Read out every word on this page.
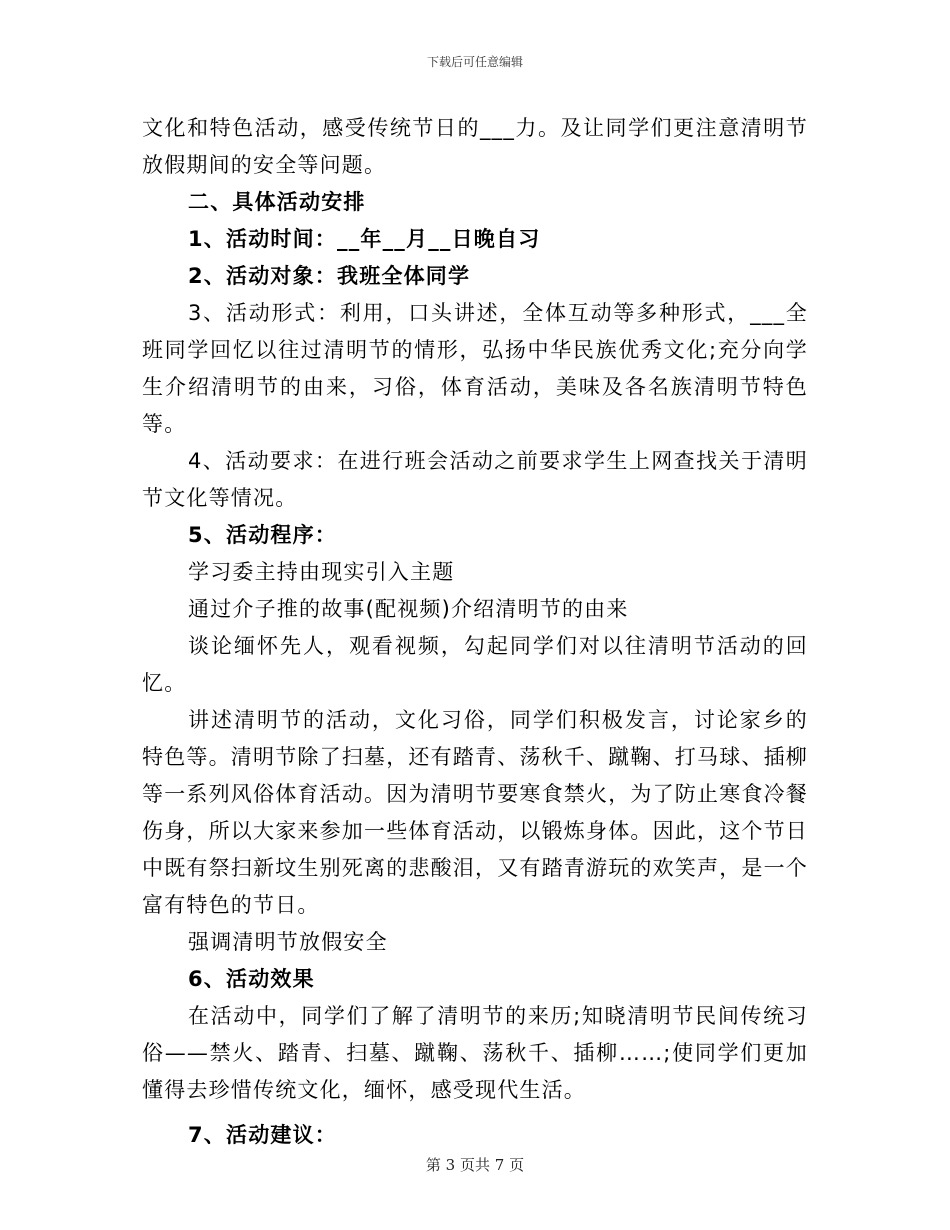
下载后可任意编辑

文化和特色活动，感受传统节日的___力。及让同学们更注意清明节放假期间的安全等问题。

二、具体活动安排

1、活动时间：__年__月__日晚自习

2、活动对象：我班全体同学

3、活动形式：利用，口头讲述，全体互动等多种形式，___全班同学回忆以往过清明节的情形，弘扬中华民族优秀文化;充分向学生介绍清明节的由来，习俗，体育活动，美味及各名族清明节特色等。

4、活动要求：在进行班会活动之前要求学生上网查找关于清明节文化等情况。

5、活动程序：

学习委主持由现实引入主题

通过介子推的故事(配视频)介绍清明节的由来

谈论缅怀先人，观看视频，勾起同学们对以往清明节活动的回忆。

讲述清明节的活动，文化习俗，同学们积极发言，讨论家乡的特色等。清明节除了扫墓，还有踏青、荡秋千、蹴鞠、打马球、插柳等一系列风俗体育活动。因为清明节要寒食禁火，为了防止寒食冷餐伤身，所以大家来参加一些体育活动，以锻炼身体。因此，这个节日中既有祭扫新坟生别死离的悲酸泪，又有踏青游玩的欢笑声，是一个富有特色的节日。

强调清明节放假安全

6、活动效果

在活动中，同学们了解了清明节的来历;知晓清明节民间传统习俗——禁火、踏青、扫墓、蹴鞠、荡秋千、插柳……;使同学们更加懂得去珍惜传统文化，缅怀，感受现代生活。

7、活动建议：

第 3 页共 7 页
